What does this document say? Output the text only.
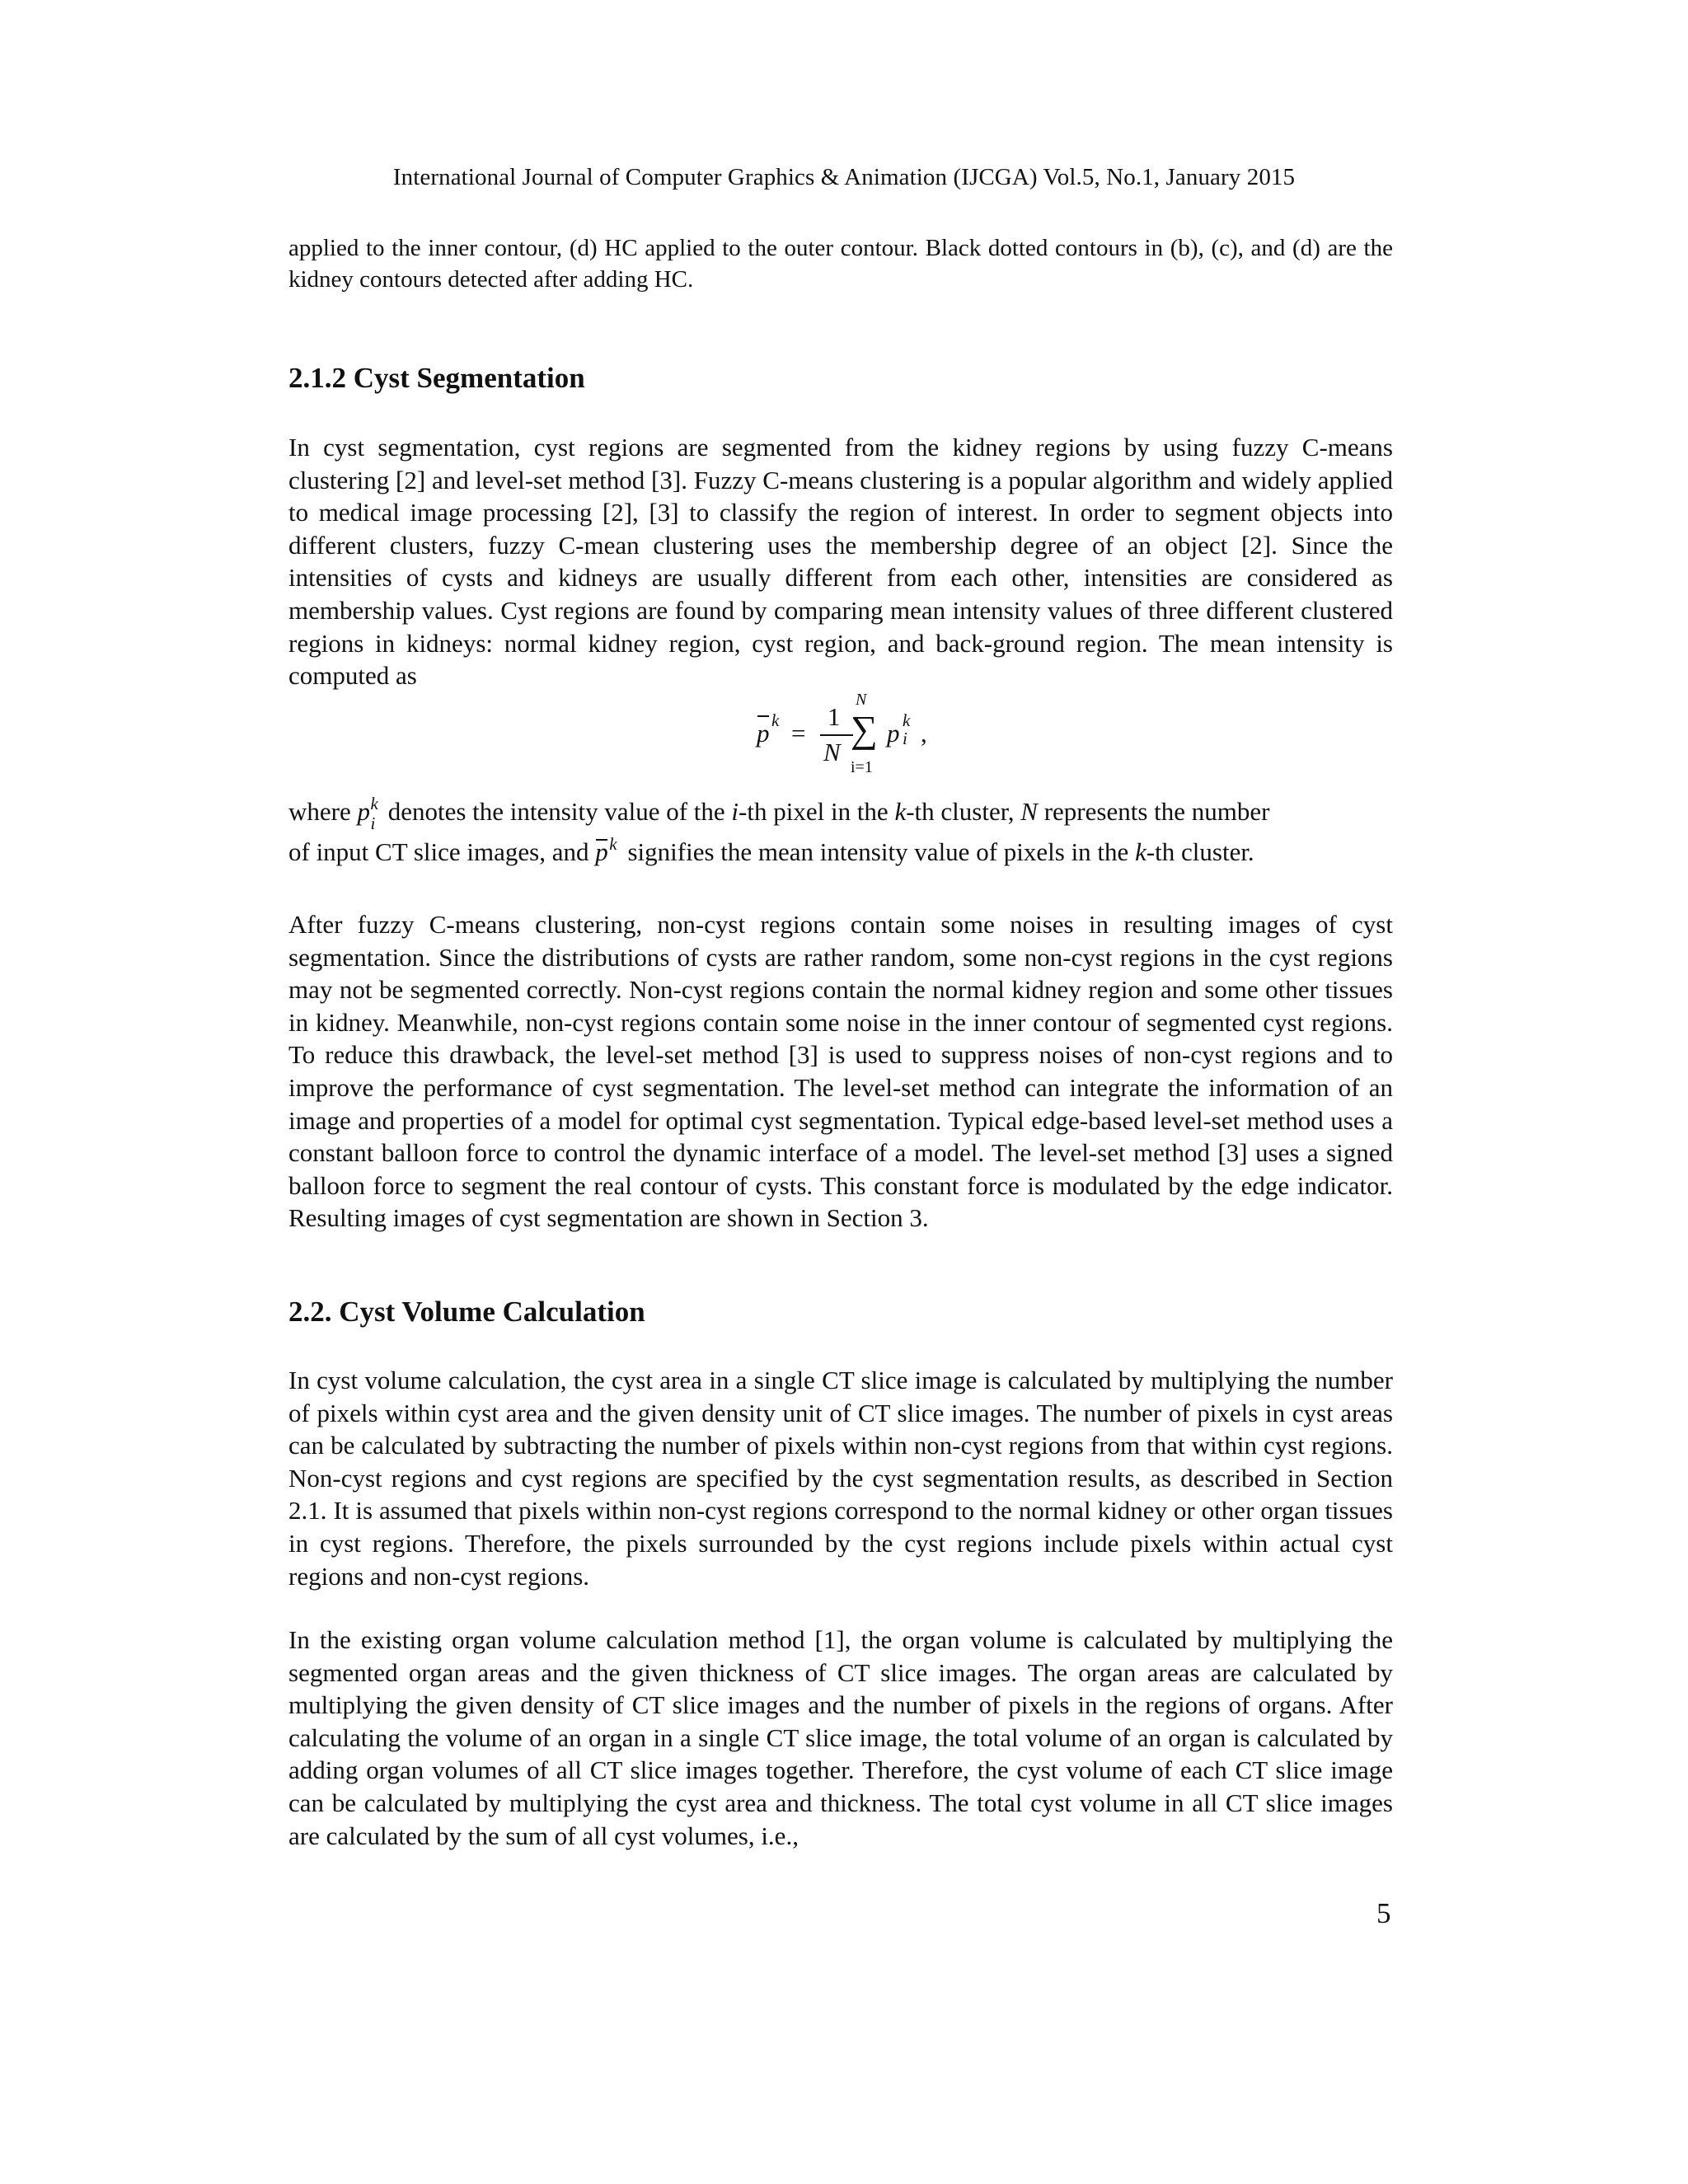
International Journal of Computer Graphics & Animation (IJCGA) Vol.5, No.1, January 2015

applied to the inner contour, (d) HC applied to the outer contour. Black dotted contours in (b), (c), and (d) are the kidney contours detected after adding HC.

2.1.2 Cyst Segmentation

In cyst segmentation, cyst regions are segmented from the kidney regions by using fuzzy C-means clustering [2] and level-set method [3]. Fuzzy C-means clustering is a popular algorithm and widely applied to medical image processing [2], [3] to classify the region of interest. In order to segment objects into different clusters, fuzzy C-mean clustering uses the membership degree of an object [2]. Since the intensities of cysts and kidneys are usually different from each other, intensities are considered as membership values. Cyst regions are found by comparing mean intensity values of three different clustered regions in kidneys: normal kidney region, cyst region, and back-ground region. The mean intensity is computed as

p k =
1
N
N
∑
i=1
p k
i ,
where p k
i denotes the intensity value of the i-th pixel in the k-th cluster, N represents the number
of input CT slice images, and
p k signifies the mean intensity value of pixels in the k-th cluster.

After fuzzy C-means clustering, non-cyst regions contain some noises in resulting images of cyst segmentation. Since the distributions of cysts are rather random, some non-cyst regions in the cyst regions may not be segmented correctly. Non-cyst regions contain the normal kidney region and some other tissues in kidney. Meanwhile, non-cyst regions contain some noise in the inner contour of segmented cyst regions. To reduce this drawback, the level-set method [3] is used to suppress noises of non-cyst regions and to improve the performance of cyst segmentation. The level-set method can integrate the information of an image and properties of a model for optimal cyst segmentation. Typical edge-based level-set method uses a constant balloon force to control the dynamic interface of a model. The level-set method [3] uses a signed balloon force to segment the real contour of cysts. This constant force is modulated by the edge indicator. Resulting images of cyst segmentation are shown in Section 3.

2.2. Cyst Volume Calculation

In cyst volume calculation, the cyst area in a single CT slice image is calculated by multiplying the number of pixels within cyst area and the given density unit of CT slice images. The number of pixels in cyst areas can be calculated by subtracting the number of pixels within non-cyst regions from that within cyst regions. Non-cyst regions and cyst regions are specified by the cyst segmentation results, as described in Section 2.1. It is assumed that pixels within non-cyst regions correspond to the normal kidney or other organ tissues in cyst regions. Therefore, the pixels surrounded by the cyst regions include pixels within actual cyst regions and non-cyst regions.

In the existing organ volume calculation method [1], the organ volume is calculated by multiplying the segmented organ areas and the given thickness of CT slice images. The organ areas are calculated by multiplying the given density of CT slice images and the number of pixels in the regions of organs. After calculating the volume of an organ in a single CT slice image, the total volume of an organ is calculated by adding organ volumes of all CT slice images together. Therefore, the cyst volume of each CT slice image can be calculated by multiplying the cyst area and thickness. The total cyst volume in all CT slice images are calculated by the sum of all cyst volumes, i.e.,

5
